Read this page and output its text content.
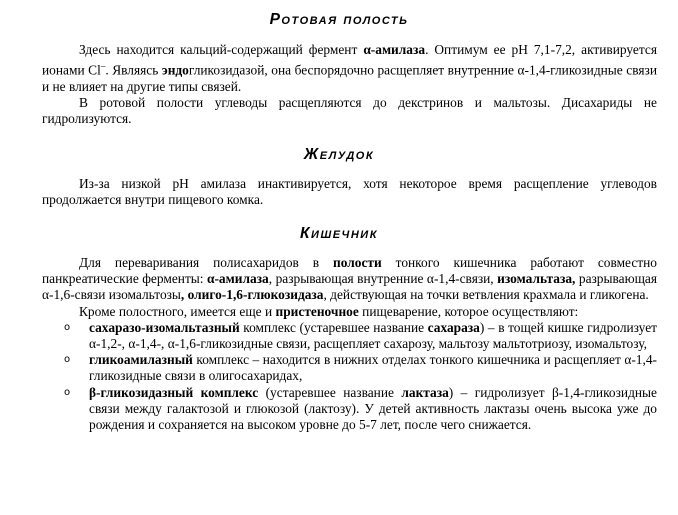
Ротовая полость

Здесь находится кальций-содержащий фермент α-амилаза. Оптимум ее pH 7,1-7,2, активируется ионами Cl–. Являясь эндогликозидазой, она беспорядочно расщепляет внутренние α-1,4-гликозидные связи и не влияет на другие типы связей.

В ротовой полости углеводы расщепляются до декстринов и мальтозы. Дисахариды не гидролизуются.

Желудок

Из-за низкой pH амилаза инактивируется, хотя некоторое время расщепление углеводов продолжается внутри пищевого комка.

Кишечник

Для переваривания полисахаридов в полости тонкого кишечника работают совместно панкреатические ферменты: α-амилаза, разрывающая внутренние α-1,4-связи, изомальтаза, разрывающая α-1,6-связи изомальтозы, олиго-1,6-глюкозидаза, действующая на точки ветвления крахмала и гликогена.

Кроме полостного, имеется еще и пристеночное пищеварение, которое осуществляют:

o сахаразо-изомальтазный комплекс (устаревшее название сахараза) – в тощей кишке гидролизует α-1,2-, α-1,4-, α-1,6-гликозидные связи, расщепляет сахарозу, мальтозу мальтотриозу, изомальтозу,
o гликоамилазный комплекс – находится в нижних отделах тонкого кишечника и расщепляет α-1,4-гликозидные связи в олигосахаридах,
o β-гликозидазный комплекс (устаревшее название лактаза) – гидролизует β-1,4-гликозидные связи между галактозой и глюкозой (лактозу). У детей активность лактазы очень высока уже до рождения и сохраняется на высоком уровне до 5-7 лет, после чего снижается.
